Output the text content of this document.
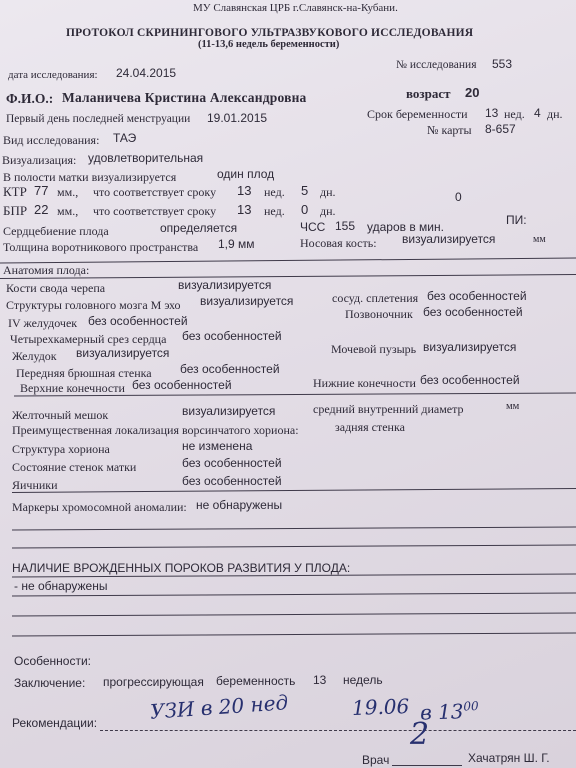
МУ Славянская ЦРБ г.Славянск-на-Кубани.
ПРОТОКОЛ СКРИНИНГОВОГО УЛЬТРАЗВУКОВОГО ИССЛЕДОВАНИЯ
(11-13,6 недель беременности)
дата исследования: 24.04.2015
№ исследования 553
Ф.И.О.: Маланичева Кристина Александровна	возраст 20
Первый день последней менструации 19.01.2015	Срок беременности 13 нед. 4 дн.
Вид исследования: ТАЭ
№ карты 8-657
Визуализация: удовлетворительная
В полости матки визуализируется	один плод
КТР 77 мм., что соответствует сроку 13 нед. 5 дн.	0
БПР 22 мм., что соответствует сроку 13 нед. 0 дн.
Сердцебиение плода	определяется	ЧСС 155 ударов в мин.	ПИ:
Толщина воротникового пространства 1,9 мм	Носовая кость: визуализируется	мм
Анатомия плода:
Кости свода черепа	визуализируется
Структуры головного мозга М эхо визуализируется	сосуд. сплетения без особенностей
IV желудочек без особенностей	Позвоночник без особенностей
Четырехкамерный срез сердца без особенностей
Желудок визуализируется	Мочевой пузырь визуализируется
Передняя брюшная стенка без особенностей
Верхние конечности без особенностей	Нижние конечности без особенностей
Желточный мешок	визуализируется	средний внутренний диаметр	мм
Преимущественная локализация ворсинчатого хориона:	задняя стенка
Структура хориона	не изменена
Состояние стенок матки	без особенностей
Яичники	без особенностей
Маркеры хромосомной аномалии: не обнаружены
НАЛИЧИЕ ВРОЖДЕННЫХ ПОРОКОВ РАЗВИТИЯ У ПЛОДА:
- не обнаружены
Особенности:
Заключение: прогрессирующая беременность 13 недель
Рекомендации:	УЗИ в 20 нед	19.06 в $13^{00}$
Врач
2
Хачатрян Ш. Г.
